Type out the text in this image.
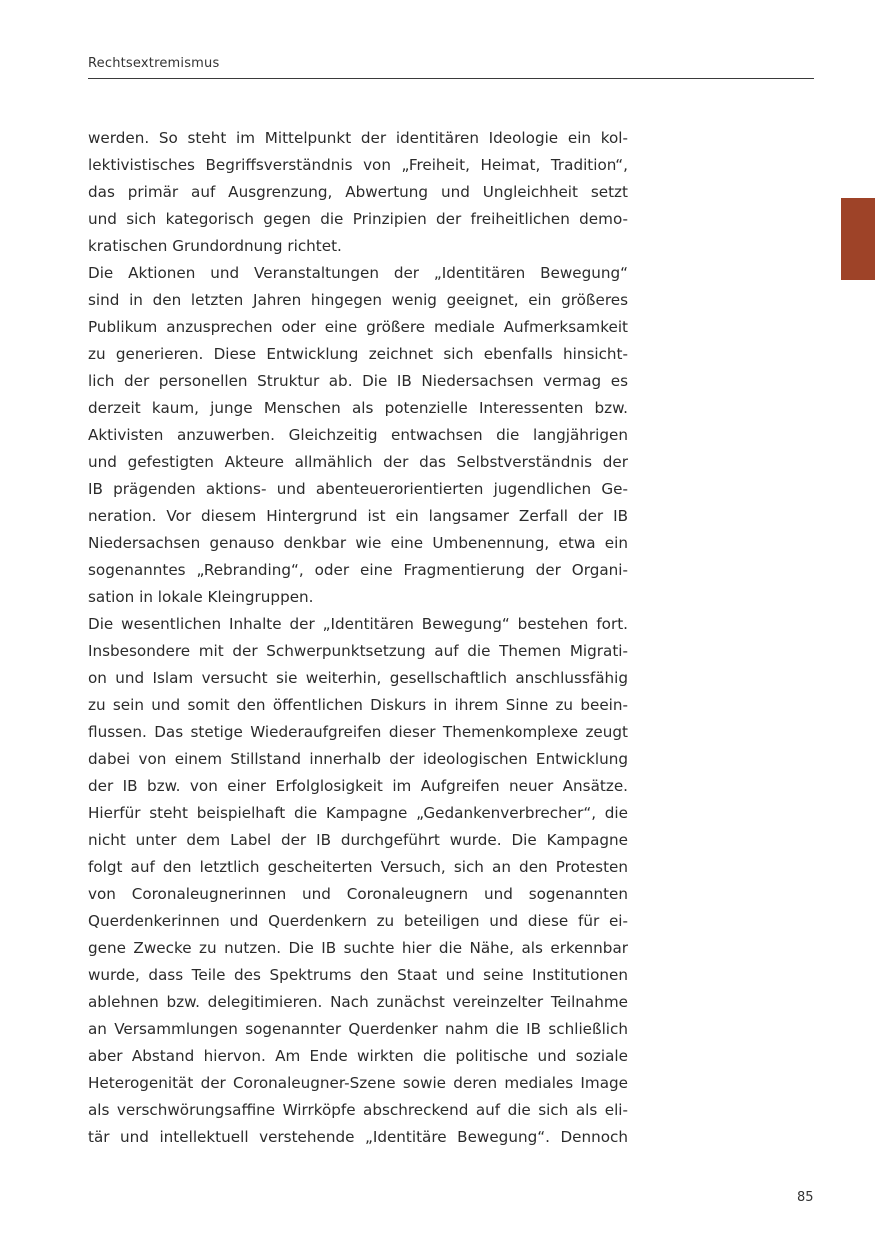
Rechtsextremismus
werden. So steht im Mittelpunkt der identitären Ideologie ein kol-
lektivistisches Begriffsverständnis von „Freiheit, Heimat, Tradition“,
das primär auf Ausgrenzung, Abwertung und Ungleichheit setzt
und sich kategorisch gegen die Prinzipien der freiheitlichen demo-
kratischen Grundordnung richtet.
Die Aktionen und Veranstaltungen der „Identitären Bewegung“
sind in den letzten Jahren hingegen wenig geeignet, ein größeres
Publikum anzusprechen oder eine größere mediale Aufmerksamkeit
zu generieren. Diese Entwicklung zeichnet sich ebenfalls hinsicht-
lich der personellen Struktur ab. Die IB Niedersachsen vermag es
derzeit kaum, junge Menschen als potenzielle Interessenten bzw.
Aktivisten anzuwerben. Gleichzeitig entwachsen die langjährigen
und gefestigten Akteure allmählich der das Selbstverständnis der
IB prägenden aktions- und abenteuerorientierten jugendlichen Ge-
neration. Vor diesem Hintergrund ist ein langsamer Zerfall der IB
Niedersachsen genauso denkbar wie eine Umbenennung, etwa ein
sogenanntes „Rebranding“, oder eine Fragmentierung der Organi-
sation in lokale Kleingruppen.
Die wesentlichen Inhalte der „Identitären Bewegung“ bestehen fort.
Insbesondere mit der Schwerpunktsetzung auf die Themen Migrati-
on und Islam versucht sie weiterhin, gesellschaftlich anschlussfähig
zu sein und somit den öffentlichen Diskurs in ihrem Sinne zu beein-
flussen. Das stetige Wiederaufgreifen dieser Themenkomplexe zeugt
dabei von einem Stillstand innerhalb der ideologischen Entwicklung
der IB bzw. von einer Erfolglosigkeit im Aufgreifen neuer Ansätze.
Hierfür steht beispielhaft die Kampagne „Gedankenverbrecher“, die
nicht unter dem Label der IB durchgeführt wurde. Die Kampagne
folgt auf den letztlich gescheiterten Versuch, sich an den Protesten
von Coronaleugnerinnen und Coronaleugnern und sogenannten
Querdenkerinnen und Querdenkern zu beteiligen und diese für ei-
gene Zwecke zu nutzen. Die IB suchte hier die Nähe, als erkennbar
wurde, dass Teile des Spektrums den Staat und seine Institutionen
ablehnen bzw. delegitimieren. Nach zunächst vereinzelter Teilnahme
an Versammlungen sogenannter Querdenker nahm die IB schließlich
aber Abstand hiervon. Am Ende wirkten die politische und soziale
Heterogenität der Coronaleugner-Szene sowie deren mediales Image
als verschwörungsaffine Wirrköpfe abschreckend auf die sich als eli-
tär und intellektuell verstehende „Identitäre Bewegung“. Dennoch
85
